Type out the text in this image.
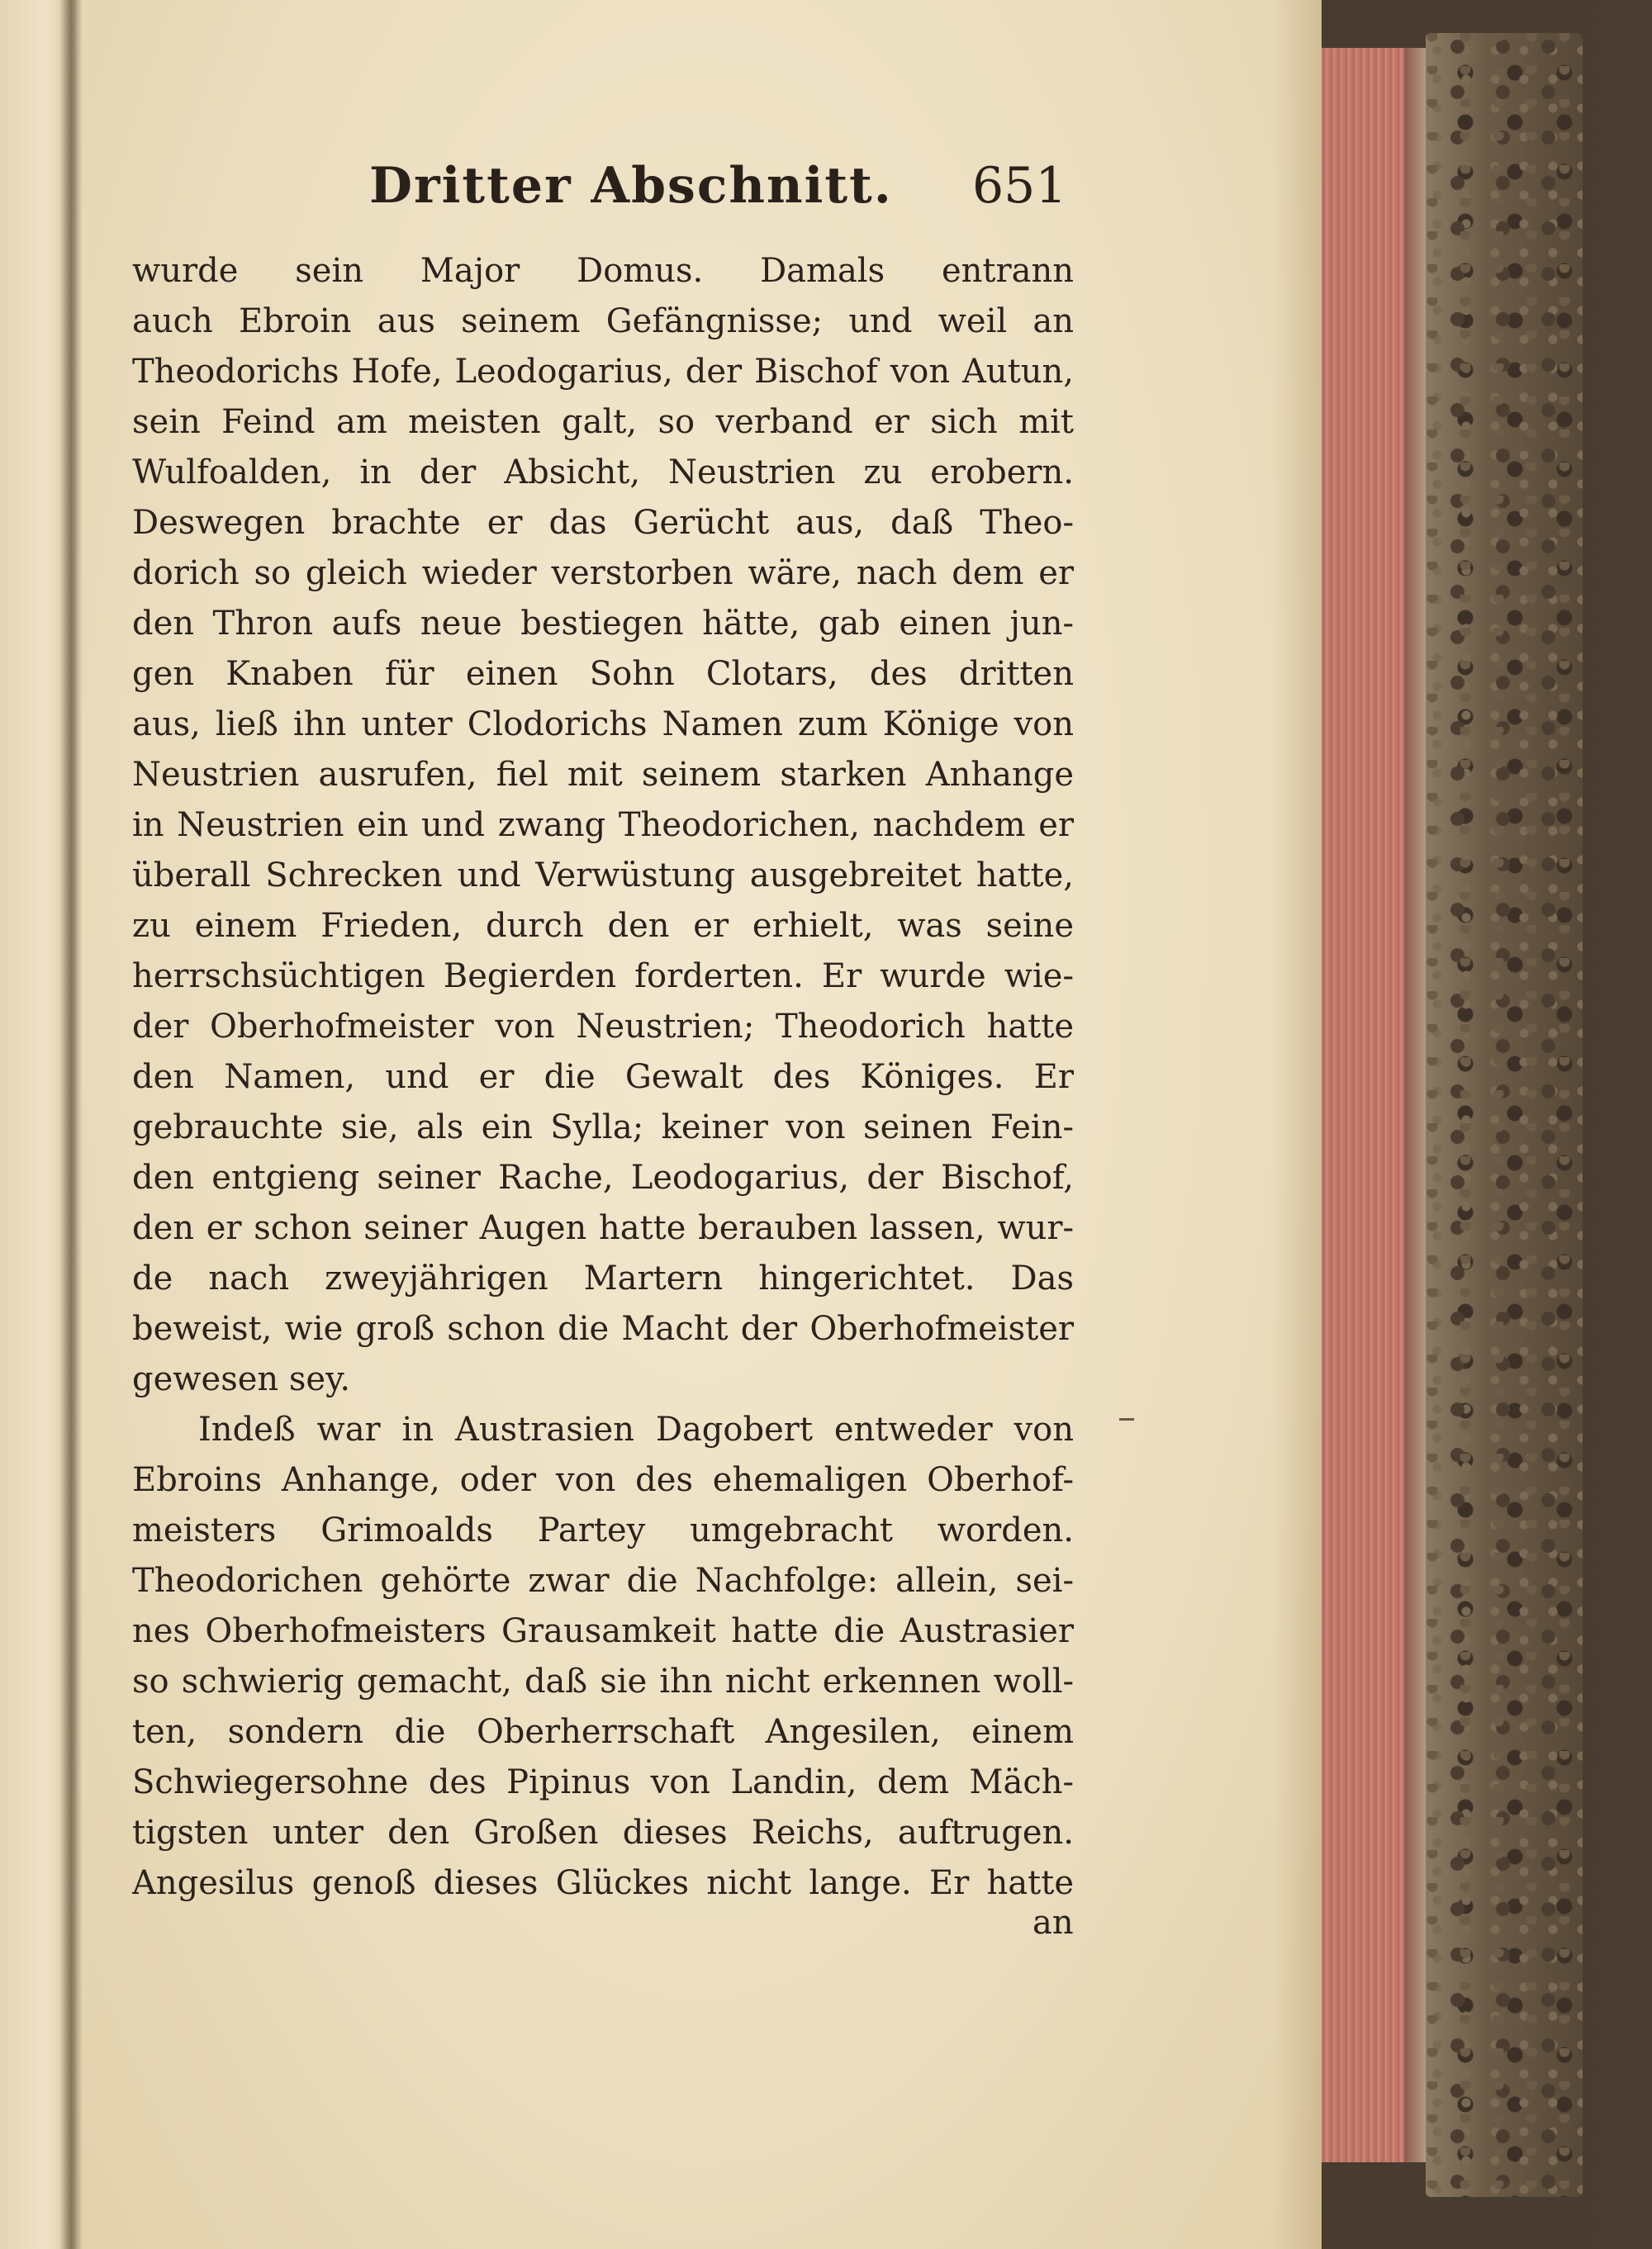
Dritter Abschnitt. 651
wurde sein Major Domus. Damals entrann
auch Ebroin aus seinem Gefängnisse; und weil an
Theodorichs Hofe, Leodogarius, der Bischof von Autun,
sein Feind am meisten galt, so verband er sich mit
Wulfoalden, in der Absicht, Neustrien zu erobern.
Deswegen brachte er das Gerücht aus, daß Theo-
dorich so gleich wieder verstorben wäre, nach dem er
den Thron aufs neue bestiegen hätte, gab einen jun-
gen Knaben für einen Sohn Clotars, des dritten
aus, ließ ihn unter Clodorichs Namen zum Könige von
Neustrien ausrufen, fiel mit seinem starken Anhange
in Neustrien ein und zwang Theodorichen, nachdem er
überall Schrecken und Verwüstung ausgebreitet hatte,
zu einem Frieden, durch den er erhielt, was seine
herrschsüchtigen Begierden forderten. Er wurde wie-
der Oberhofmeister von Neustrien; Theodorich hatte
den Namen, und er die Gewalt des Königes. Er
gebrauchte sie, als ein Sylla; keiner von seinen Fein-
den entgieng seiner Rache, Leodogarius, der Bischof,
den er schon seiner Augen hatte berauben lassen, wur-
de nach zweyjährigen Martern hingerichtet. Das
beweist, wie groß schon die Macht der Oberhofmeister
gewesen sey.
Indeß war in Austrasien Dagobert entweder von
Ebroins Anhange, oder von des ehemaligen Oberhof-
meisters Grimoalds Partey umgebracht worden.
Theodorichen gehörte zwar die Nachfolge: allein, sei-
nes Oberhofmeisters Grausamkeit hatte die Austrasier
so schwierig gemacht, daß sie ihn nicht erkennen woll-
ten, sondern die Oberherrschaft Angesilen, einem
Schwiegersohne des Pipinus von Landin, dem Mäch-
tigsten unter den Großen dieses Reichs, auftrugen.
Angesilus genoß dieses Glückes nicht lange. Er hatte
an
